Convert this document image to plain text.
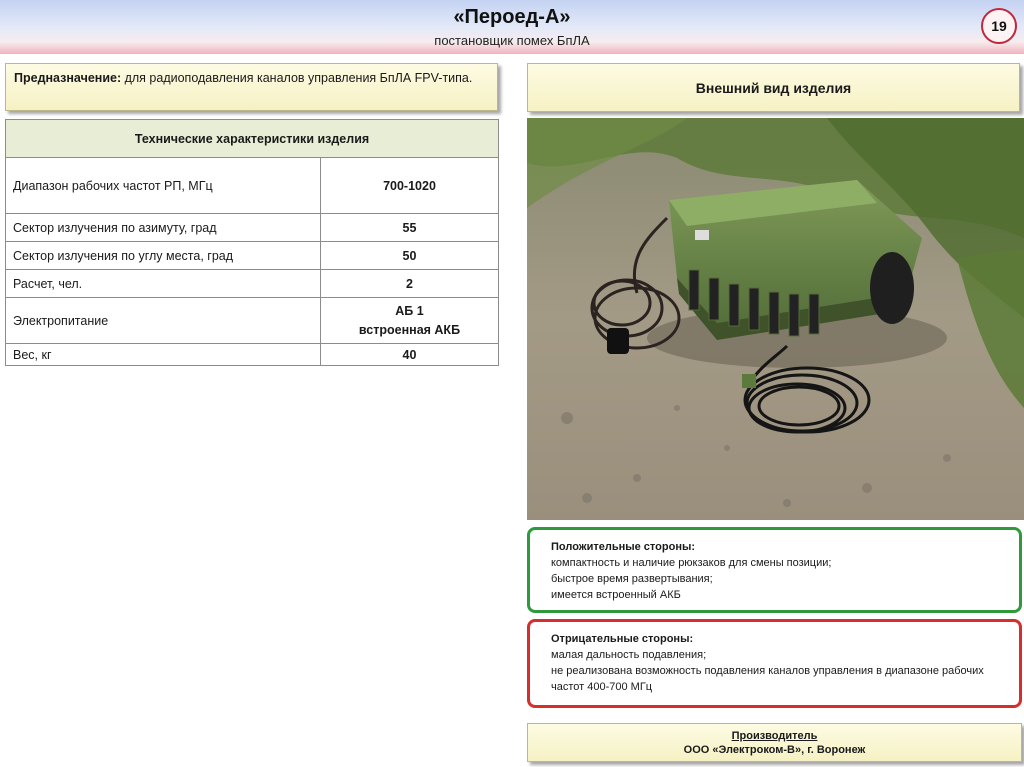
«Пероед-А»
постановщик помех БпЛА
19
Предназначение: для радиоподавления каналов управления БпЛА FPV-типа.
Технические характеристики изделия	
Диапазон рабочих частот РП, МГц	700-1020
Сектор излучения по азимуту, град	55
Сектор излучения по углу места, град	50
Расчет, чел.	2
Электропитание	АБ 1
встроенная АКБ

Вес, кг	40
Внешний вид изделия
Положительные стороны:
компактность и наличие рюкзаков для смены позиции;
быстрое время развертывания;
имеется встроенный АКБ
Отрицательные стороны:
малая дальность подавления;
не реализована возможность подавления каналов управления в диапазоне рабочих частот 400-700 МГц
Производитель
ООО «Электроком-В», г. Воронеж
